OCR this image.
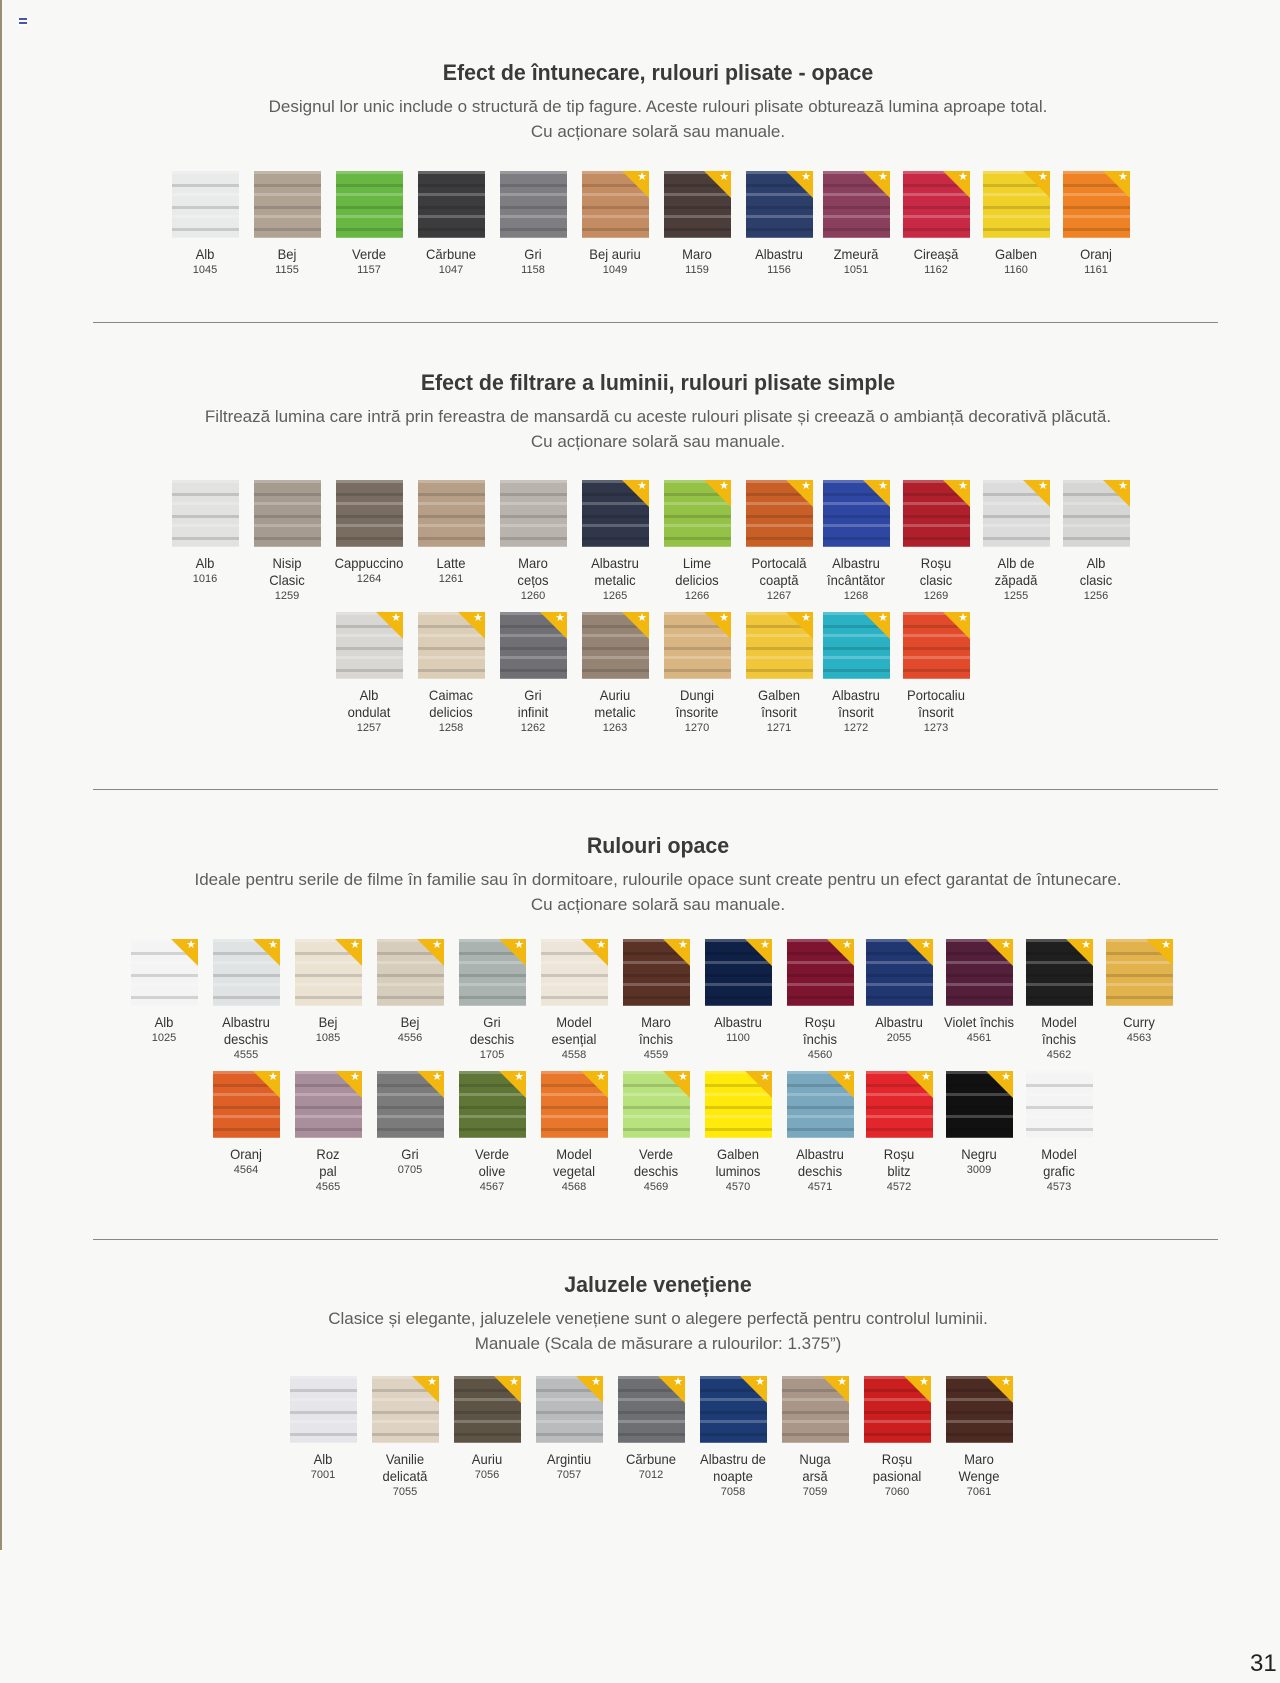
Efect de întunecare, rulouri plisate - opace
Designul lor unic include o structură de tip fagure. Aceste rulouri plisate obturează lumina aproape total.
Cu acționare solară sau manuale.
Efect de filtrare a luminii, rulouri plisate simple
Filtrează lumina care intră prin fereastra de mansardă cu aceste rulouri plisate și creează o ambianță decorativă plăcută.
Cu acționare solară sau manuale.
Rulouri opace
Ideale pentru serile de filme în familie sau în dormitoare, rulourile opace sunt create pentru un efect garantat de întunecare.
Cu acționare solară sau manuale.
Jaluzele venețiene
Clasice și elegante, jaluzelele venețiene sunt o alegere perfectă pentru controlul luminii.
Manuale (Scala de măsurare a rulourilor: 1.375”)
Alb
1045
Bej
1155
Verde
1157
Cărbune
1047
Gri
1158
★
Bej auriu
1049
★
Maro
1159
★
Albastru
1156
★
Zmeură
1051
★
Cireașă
1162
★
Galben
1160
★
Oranj
1161
Alb
1016
Nisip
Clasic
1259
Cappuccino
1264
Latte
1261
Maro
cețos
1260
★
Albastru
metalic
1265
★
Lime
delicios
1266
★
Portocală
coaptă
1267
★
Albastru
încântător
1268
★
Roșu
clasic
1269
★
Alb de
zăpadă
1255
★
Alb
clasic
1256
★
Alb
ondulat
1257
★
Caimac
delicios
1258
★
Gri
infinit
1262
★
Auriu
metalic
1263
★
Dungi
însorite
1270
★
Galben
însorit
1271
★
Albastru
însorit
1272
★
Portocaliu
însorit
1273
★
Alb
1025
★
Albastru
deschis
4555
★
Bej
1085
★
Bej
4556
★
Gri
deschis
1705
★
Model
esențial
4558
★
Maro
închis
4559
★
Albastru
1100
★
Roșu
închis
4560
★
Albastru
2055
★
Violet închis
4561
★
Model
închis
4562
★
Curry
4563
★
Oranj
4564
★
Roz
pal
4565
★
Gri
0705
★
Verde
olive
4567
★
Model
vegetal
4568
★
Verde
deschis
4569
★
Galben
luminos
4570
★
Albastru
deschis
4571
★
Roșu
blitz
4572
★
Negru
3009
Model
grafic
4573
Alb
7001
★
Vanilie
delicată
7055
★
Auriu
7056
★
Argintiu
7057
★
Cărbune
7012
★
Albastru de
noapte
7058
★
Nuga
arsă
7059
★
Roșu
pasional
7060
★
Maro
Wenge
7061
31
